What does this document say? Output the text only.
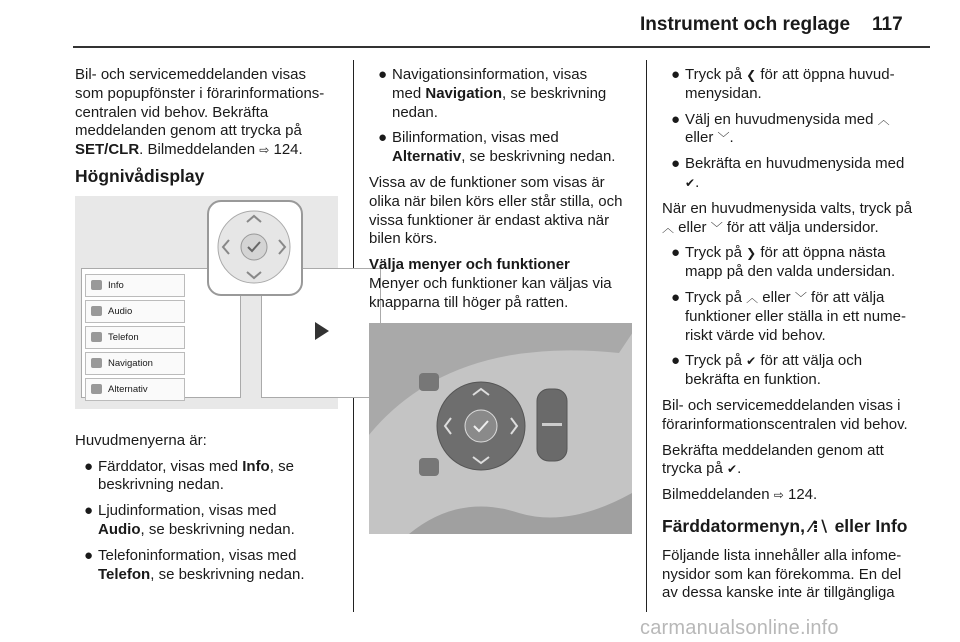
Instrument och reglage 117

Bil- och servicemeddelanden visas
som popupfönster i förarinformations-
centralen vid behov. Bekräfta
meddelanden genom att trycka på
SET/CLR. Bilmeddelanden ⇨ 124.

Högnivådisplay
Info
Audio
Telefon
Navigation
Alternativ

Huvudmenyerna är:

● Färddator, visas med Info, se
beskrivning nedan.
● Ljudinformation, visas med
Audio, se beskrivning nedan.
● Telefoninformation, visas med
Telefon, se beskrivning nedan.
● Navigationsinformation, visas
med Navigation, se beskrivning
nedan.
● Bilinformation, visas med
Alternativ, se beskrivning nedan.

Vissa av de funktioner som visas är
olika när bilen körs eller står stilla, och
vissa funktioner är endast aktiva när
bilen körs.

Välja menyer och funktioner

Menyer och funktioner kan väljas via
knapparna till höger på ratten.

● Tryck på ❮ för att öppna huvud-
menysidan.
● Välj en huvudmenysida med ︿
eller ﹀.
● Bekräfta en huvudmenysida med
✔.

När en huvudmenysida valts, tryck på
︿ eller ﹀ för att välja undersidor.

● Tryck på ❯ för att öppna nästa
mapp på den valda undersidan.
● Tryck på ︿ eller ﹀ för att välja
funktioner eller ställa in ett nume-
riskt värde vid behov.
● Tryck på ✔ för att välja och
bekräfta en funktion.

Bil- och servicemeddelanden visas i
förarinformationscentralen vid behov.

Bekräfta meddelanden genom att
trycka på ✔.

Bilmeddelanden ⇨ 124.

Färddatormenyn, ⁄⁝∖ eller Info

Följande lista innehåller alla infome-
nysidor som kan förekomma. En del
av dessa kanske inte är tillgängliga

carmanualsonline.info
